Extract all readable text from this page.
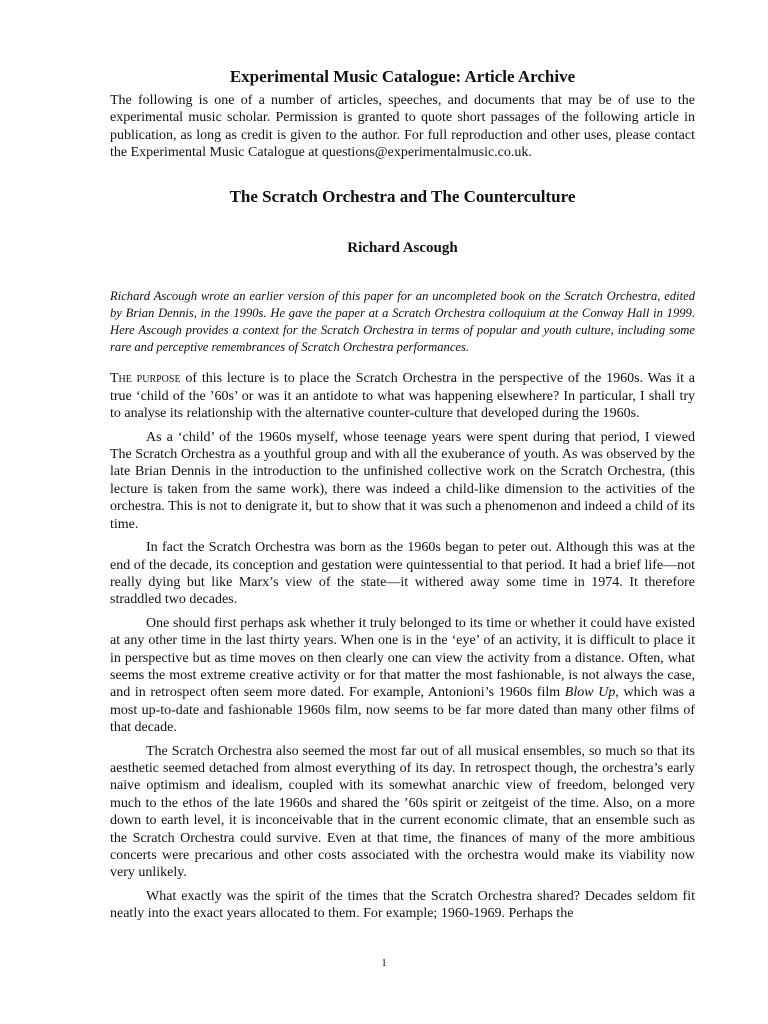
Experimental Music Catalogue: Article Archive

The following is one of a number of articles, speeches, and documents that may be of use to the experimental music scholar. Permission is granted to quote short passages of the following article in publication, as long as credit is given to the author. For full reproduction and other uses, please contact the Experimental Music Catalogue at questions@experimentalmusic.co.uk.

The Scratch Orchestra and The Counterculture
Richard Ascough

Richard Ascough wrote an earlier version of this paper for an uncompleted book on the Scratch Orchestra, edited by Brian Dennis, in the 1990s. He gave the paper at a Scratch Orchestra colloquium at the Conway Hall in 1999. Here Ascough provides a context for the Scratch Orchestra in terms of popular and youth culture, including some rare and perceptive remembrances of Scratch Orchestra performances.

The purpose of this lecture is to place the Scratch Orchestra in the perspective of the 1960s. Was it a true ‘child of the ’60s’ or was it an antidote to what was happening elsewhere? In particular, I shall try to analyse its relationship with the alternative counter-culture that developed during the 1960s.

As a ‘child’ of the 1960s myself, whose teenage years were spent during that period, I viewed The Scratch Orchestra as a youthful group and with all the exuberance of youth. As was observed by the late Brian Dennis in the introduction to the unfinished collective work on the Scratch Orchestra, (this lecture is taken from the same work), there was indeed a child-like dimension to the activities of the orchestra. This is not to denigrate it, but to show that it was such a phenomenon and indeed a child of its time.

In fact the Scratch Orchestra was born as the 1960s began to peter out. Although this was at the end of the decade, its conception and gestation were quintessential to that period. It had a brief life—not really dying but like Marx’s view of the state—it withered away some time in 1974. It therefore straddled two decades.

One should first perhaps ask whether it truly belonged to its time or whether it could have existed at any other time in the last thirty years. When one is in the ‘eye’ of an activity, it is difficult to place it in perspective but as time moves on then clearly one can view the activity from a distance. Often, what seems the most extreme creative activity or for that matter the most fashionable, is not always the case, and in retrospect often seem more dated. For example, Antonioni’s 1960s film Blow Up, which was a most up-to-date and fashionable 1960s film, now seems to be far more dated than many other films of that decade.

The Scratch Orchestra also seemed the most far out of all musical ensembles, so much so that its aesthetic seemed detached from almost everything of its day. In retrospect though, the orchestra’s early naive optimism and idealism, coupled with its somewhat anarchic view of freedom, belonged very much to the ethos of the late 1960s and shared the ’60s spirit or zeitgeist of the time. Also, on a more down to earth level, it is inconceivable that in the current economic climate, that an ensemble such as the Scratch Orchestra could survive. Even at that time, the finances of many of the more ambitious concerts were precarious and other costs associated with the orchestra would make its viability now very unlikely.

What exactly was the spirit of the times that the Scratch Orchestra shared? Decades seldom fit neatly into the exact years allocated to them. For example; 1960-1969. Perhaps the

1
